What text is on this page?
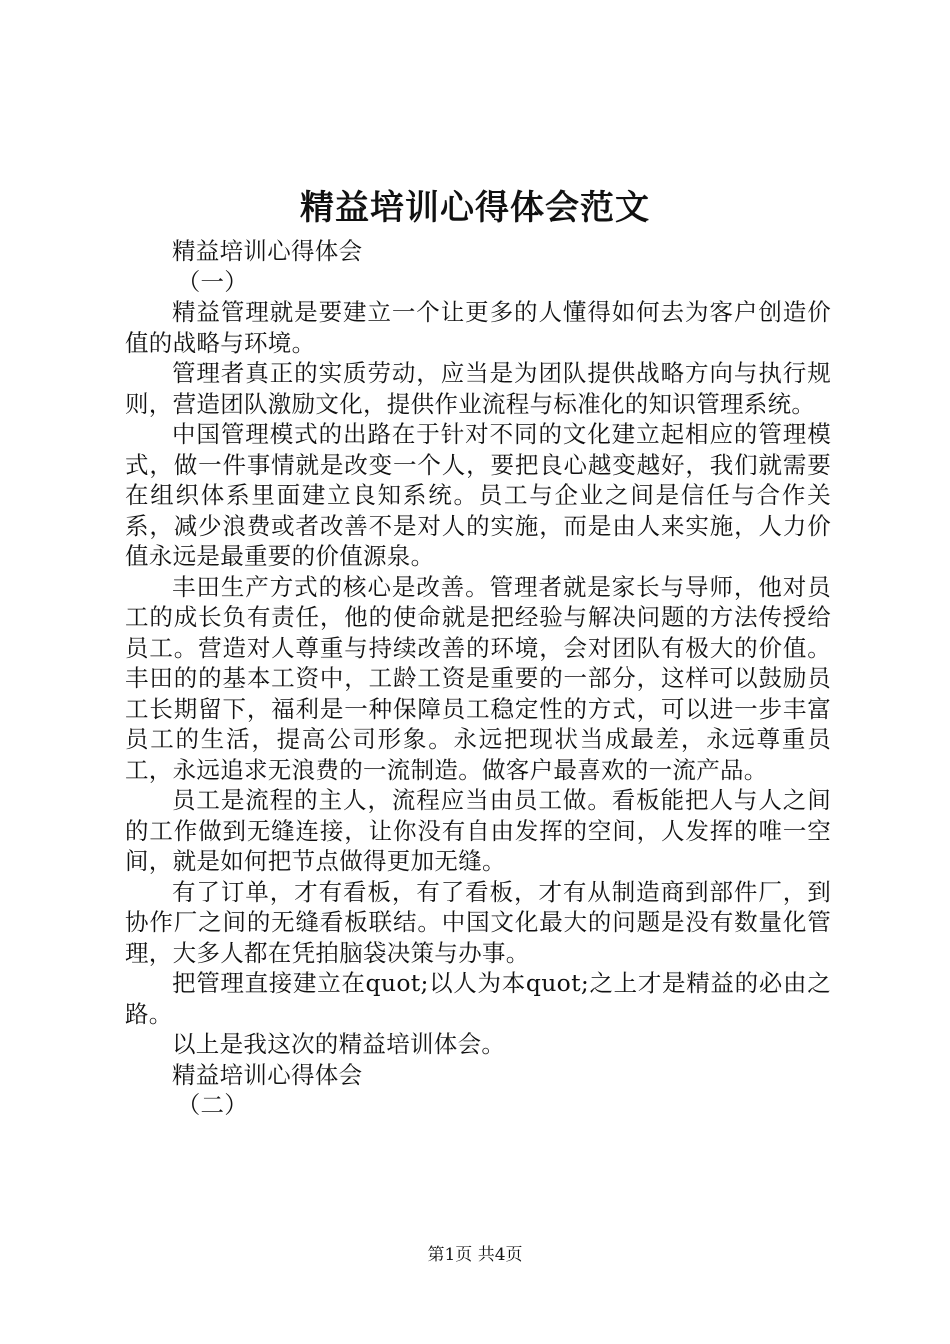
精益培训心得体会范文

精益培训心得体会

（一）

精益管理就是要建立一个让更多的人懂得如何去为客户创造价值的战略与环境。

管理者真正的实质劳动，应当是为团队提供战略方向与执行规则，营造团队激励文化，提供作业流程与标准化的知识管理系统。

中国管理模式的出路在于针对不同的文化建立起相应的管理模式，做一件事情就是改变一个人，要把良心越变越好，我们就需要在组织体系里面建立良知系统。员工与企业之间是信任与合作关系，减少浪费或者改善不是对人的实施，而是由人来实施，人力价值永远是最重要的价值源泉。

丰田生产方式的核心是改善。管理者就是家长与导师，他对员工的成长负有责任，他的使命就是把经验与解决问题的方法传授给员工。营造对人尊重与持续改善的环境，会对团队有极大的价值。丰田的的基本工资中，工龄工资是重要的一部分，这样可以鼓励员工长期留下，福利是一种保障员工稳定性的方式，可以进一步丰富员工的生活，提高公司形象。永远把现状当成最差，永远尊重员工，永远追求无浪费的一流制造。做客户最喜欢的一流产品。

员工是流程的主人，流程应当由员工做。看板能把人与人之间的工作做到无缝连接，让你没有自由发挥的空间，人发挥的唯一空间，就是如何把节点做得更加无缝。

有了订单，才有看板，有了看板，才有从制造商到部件厂，到协作厂之间的无缝看板联结。中国文化最大的问题是没有数量化管理，大多人都在凭拍脑袋决策与办事。

把管理直接建立在quot;以人为本quot;之上才是精益的必由之路。

以上是我这次的精益培训体会。

精益培训心得体会

（二）

第1页 共4页
